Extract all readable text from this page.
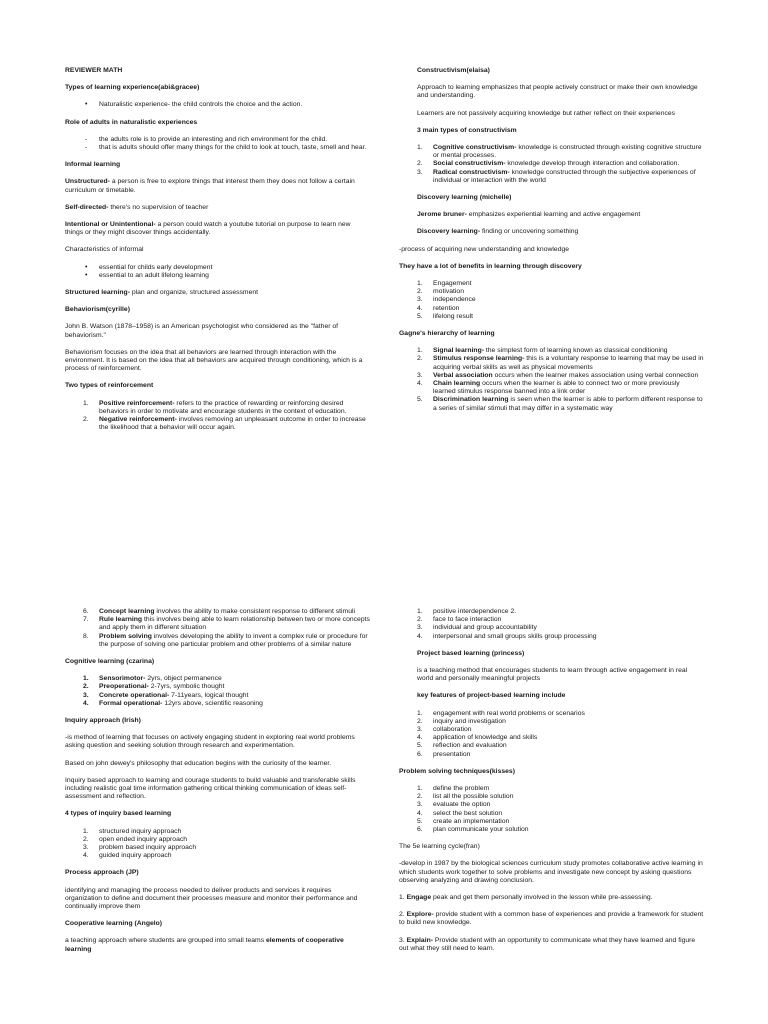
REVIEWER MATH
Types of learning experience(abi&gracee)
• Naturalistic experience- the child controls the choice and the action.
Role of adults in naturalistic experiences
- the adults role is to provide an interesting and rich environment for the child.
- that is adults should offer many things for the child to look at touch, taste, smell and hear.
Informal learning
Unstructured- a person is free to explore things that interest them they does not follow a certain curriculum or timetable.
Self-directed- there's no supervision of teacher
Intentional or Unintentional- a person could watch a youtube tutorial on purpose to learn new things or they might discover things accidentally.
Characteristics of informal
• essential for childs early development
• essential to an adult lifelong learning
Structured learning- plan and organize, structured assessment
Behaviorism(cyrille)
John B. Watson (1878–1958) is an American psychologist who considered as the "father of behaviorism."
Behaviorism focuses on the idea that all behaviors are learned through interaction with the environment. It is based on the idea that all behaviors are acquired through conditioning, which is a process of reinforcement.
Two types of reinforcement
1. Positive reinforcement- refers to the practice of rewarding or reinforcing desired behaviors in order to motivate and encourage students in the context of education.
2. Negative reinforcement- involves removing an unpleasant outcome in order to increase the likelihood that a behavior will occur again.
Constructivism(elaisa)
Approach to learning emphasizes that people actively construct or make their own knowledge and understanding.
Learners are not passively acquiring knowledge but rather reflect on their experiences
3 main types of constructivism
1. Cognitive constructivism- knowledge is constructed through existing cognitive structure or mental processes.
2. Social constructivism- knowledge develop through interaction and collaboration.
3. Radical constructivism- knowledge constructed through the subjective experiences of individual or interaction with the world
Discovery learning (michelle)
Jerome bruner- emphasizes experiential learning and active engagement
Discovery learning- finding or uncovering something
-process of acquiring new understanding and knowledge
They have a lot of benefits in learning through discovery
1. Engagement
2. motivation
3. independence
4. retention
5. lifelong result
Gagne's hierarchy of learning
1. Signal learning- the simplest form of learning known as classical conditioning
2. Stimulus response learning- this is a voluntary response to learning that may be used in acquiring verbal skills as well as physical movements
3. Verbal association occurs when the learner makes association using verbal connection
4. Chain learning occurs when the learner is able to connect two or more previously learned stimulus response banned into a link order
5. Discrimination learning is seen when the learner is able to perform different response to a series of similar stimuli that may differ in a systematic way
6. Concept learning involves the ability to make consistent response to different stimuli
7. Rule learning this involves being able to learn relationship between two or more concepts and apply them in different situation
8. Problem solving involves developing the ability to invent a complex rule or procedure for the purpose of solving one particular problem and other problems of a similar nature
Cognitive learning (czarina)
1. Sensorimotor- 2yrs, object permanence
2. Preoperational- 2-7yrs, symbolic thought
3. Concrete operational- 7-11years, logical thought
4. Formal operational- 12yrs above, scientific reasoning
Inquiry approach (Irish)
-is method of learning that focuses on actively engaging student in exploring real world problems asking question and seeking solution through research and experimentation.
Based on john dewey's philosophy that education begins with the curiosity of the learner.
Inquiry based approach to learning and courage students to build valuable and transferable skills including realistic goal time information gathering critical thinking communication of ideas self-assessment and reflection.
4 types of inquiry based learning
1. structured inquiry approach
2. open ended inquiry approach
3. problem based inquiry approach
4. guided inquiry approach
Process approach (JP)
identifying and managing the process needed to deliver products and services it requires organization to define and document their processes measure and monitor their performance and continually improve them
Cooperative learning (Angelo)
a teaching approach where students are grouped into small teams elements of cooperative learning
1. positive interdependence 2.
2. face to face interaction
3. individual and group accountability
4. interpersonal and small groups skills group processing
Project based learning (princess)
is a teaching method that encourages students to learn through active engagement in real world and personally meaningful projects
key features of project-based learning include
1. engagement with real world problems or scenarios
2. inquiry and investigation
3. collaboration
4. application of knowledge and skills
5. reflection and evaluation
6. presentation
Problem solving techniques(kisses)
1. define the problem
2. list all the possible solution
3. evaluate the option
4. select the best solution
5. create an implementation
6. plan communicate your solution
The 5e learning cycle(fran)
-develop in 1987 by the biological sciences curriculum study promotes collaborative active learning in which students work together to solve problems and investigate new concept by asking questions observing analyzing and drawing conclusion.
1. Engage peak and get them personally involved in the lesson while pre-assessing.
2. Explore- provide student with a common base of experiences and provide a framework for student to build new knowledge.
3. Explain- Provide student with an opportunity to communicate what they have learned and figure out what they still need to learn.
